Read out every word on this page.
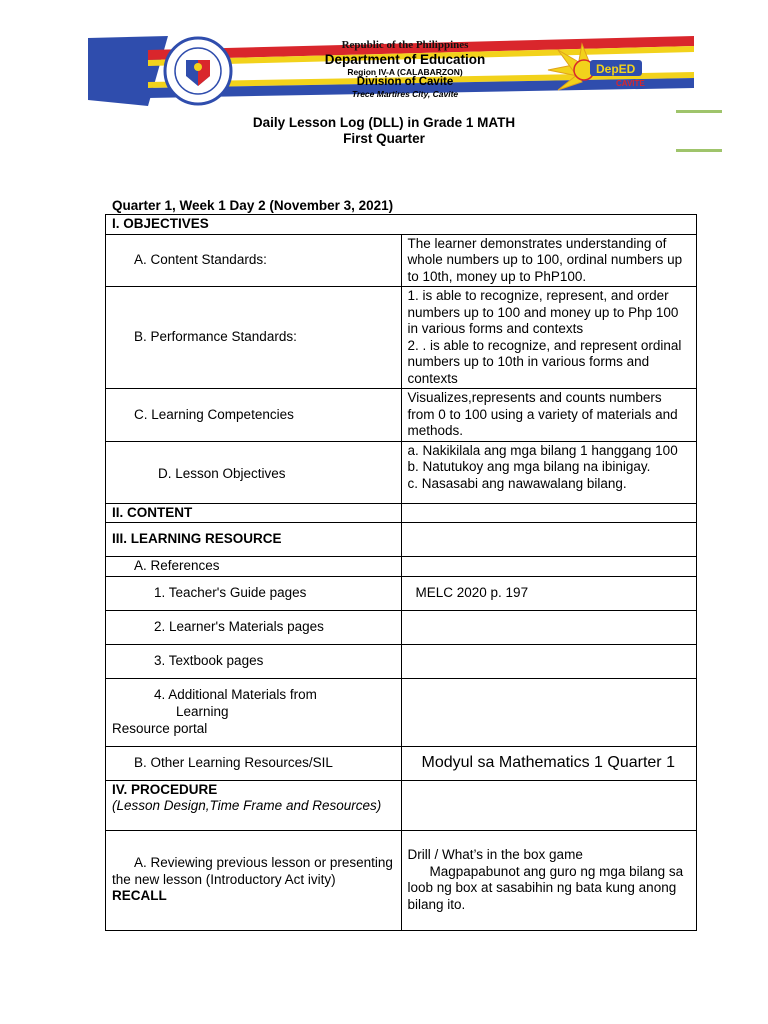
Republic of the Philippines
Department of Education
Region IV-A (CALABARZON)
Division of Cavite
Trece Martires City, Cavite
DepED
CAVITE
Daily Lesson Log (DLL) in Grade 1 MATH
First Quarter
Quarter 1, Week 1 Day 2 (November 3, 2021)
I. OBJECTIVES	
A. Content Standards:	The learner demonstrates understanding of whole numbers up to 100, ordinal numbers up to 10th, money up to PhP100.
B. Performance Standards:	1. is able to recognize, represent, and order numbers up to 100 and money up to Php 100 in various forms and contexts
2. . is able to recognize, and represent ordinal numbers up to 10th in various forms and contexts

C. Learning Competencies	Visualizes,represents and counts numbers from 0 to 100 using a variety of materials and methods.
D. Lesson Objectives	a. Nakikilala ang mga bilang 1 hanggang 100
b. Natutukoy ang mga bilang na ibinigay.
c. Nasasabi ang nawawalang bilang.

II. CONTENT	
III. LEARNING RESOURCE	
A. References	
1. Teacher's Guide pages	MELC 2020 p. 197
2. Learner's Materials pages	
3. Textbook pages	

4. Additional Materials from
Learning
Resource portal	

B. Other Learning Resources/SIL	Modyul sa Mathematics 1 Quarter 1

IV. PROCEDURE
(Lesson Design,Time Frame and Resources)	

A. Reviewing previous lesson or presenting the new lesson (Introductory Act ivity) RECALL	Drill / What’s in the box game
Magpapabunot ang guro ng mga bilang sa loob ng box at sasabihin ng bata kung anong bilang ito.
